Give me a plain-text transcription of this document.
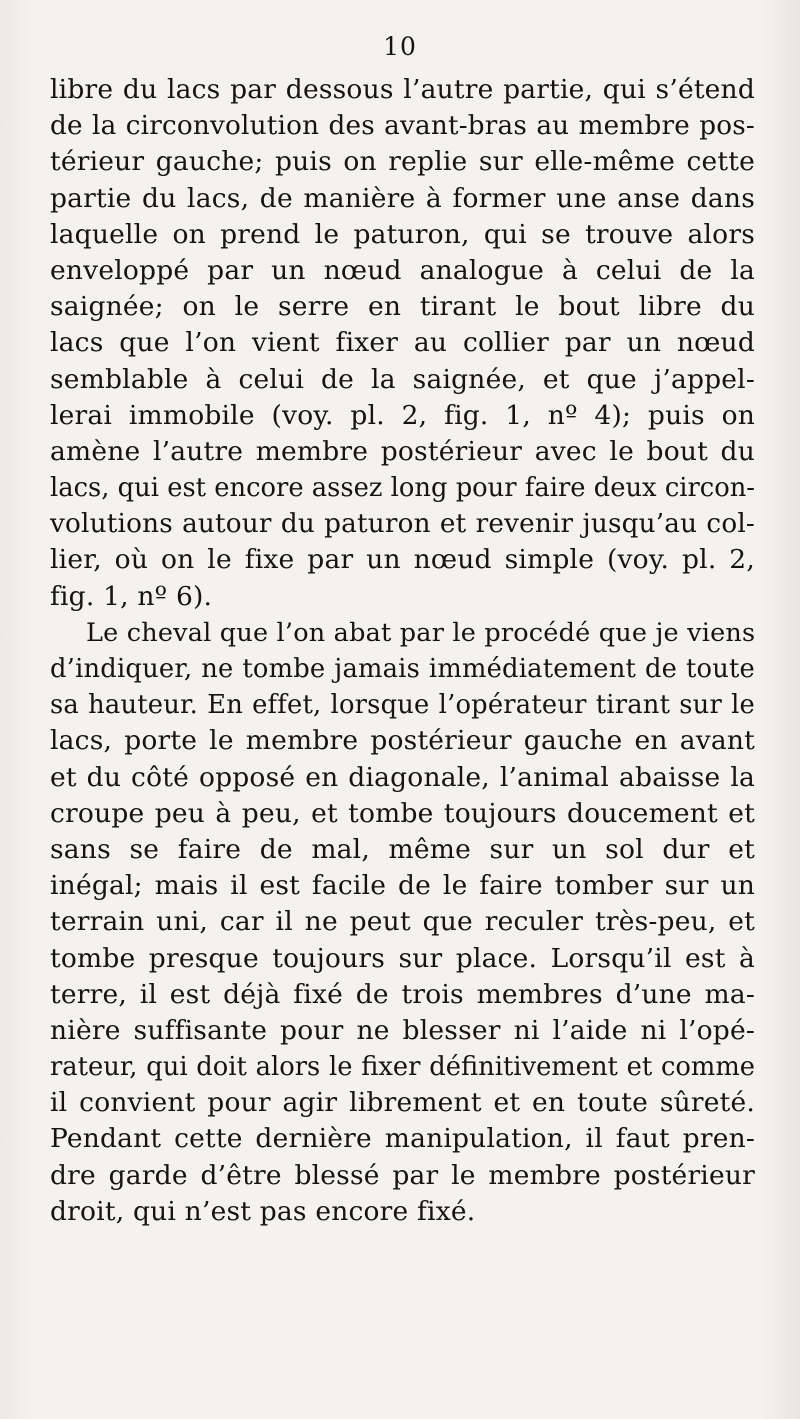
10
libre du lacs par dessous l’autre partie, qui s’étend
de la circonvolution des avant-bras au membre pos-
térieur gauche; puis on replie sur elle-même cette
partie du lacs, de manière à former une anse dans
laquelle on prend le paturon, qui se trouve alors
enveloppé par un nœud analogue à celui de la
saignée; on le serre en tirant le bout libre du
lacs que l’on vient fixer au collier par un nœud
semblable à celui de la saignée, et que j’appel-
lerai immobile (voy. pl. 2, fig. 1, nº 4); puis on
amène l’autre membre postérieur avec le bout du
lacs, qui est encore assez long pour faire deux circon-
volutions autour du paturon et revenir jusqu’au col-
lier, où on le fixe par un nœud simple (voy. pl. 2,
fig. 1, nº 6).
Le cheval que l’on abat par le procédé que je viens
d’indiquer, ne tombe jamais immédiatement de toute
sa hauteur. En effet, lorsque l’opérateur tirant sur le
lacs, porte le membre postérieur gauche en avant
et du côté opposé en diagonale, l’animal abaisse la
croupe peu à peu, et tombe toujours doucement et
sans se faire de mal, même sur un sol dur et
inégal; mais il est facile de le faire tomber sur un
terrain uni, car il ne peut que reculer très-peu, et
tombe presque toujours sur place. Lorsqu’il est à
terre, il est déjà fixé de trois membres d’une ma-
nière suffisante pour ne blesser ni l’aide ni l’opé-
rateur, qui doit alors le fixer définitivement et comme
il convient pour agir librement et en toute sûreté.
Pendant cette dernière manipulation, il faut pren-
dre garde d’être blessé par le membre postérieur
droit, qui n’est pas encore fixé.
